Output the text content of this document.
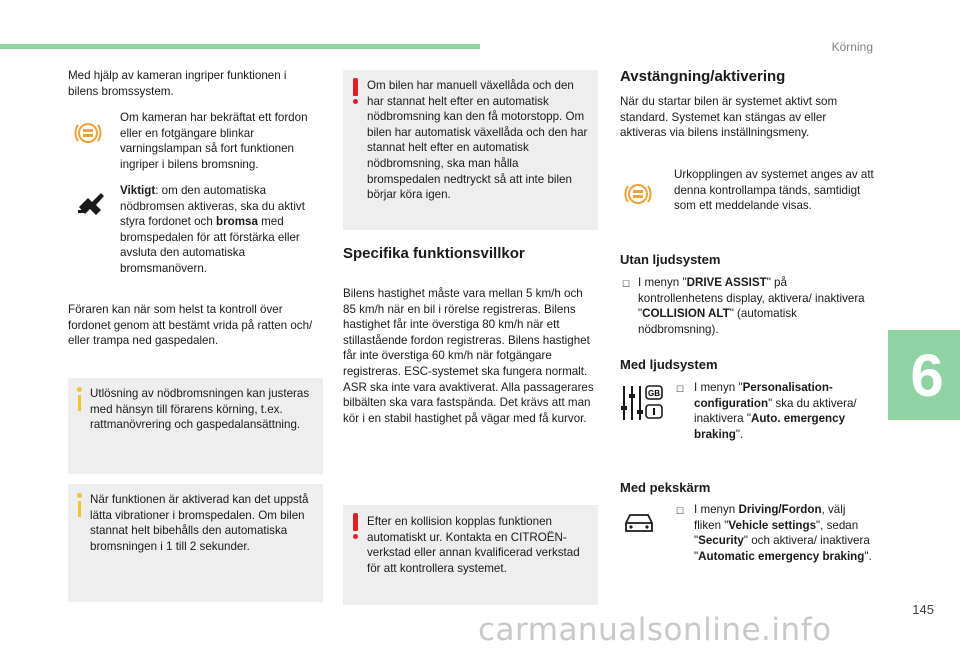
Körning
6
145
carmanualsonline.info

Med hjälp av kameran ingriper funktionen i bilens bromssystem.

Om kameran har bekräftat ett fordon eller en fotgängare blinkar varningslampan så fort funktionen ingriper i bilens bromsning.

Viktigt: om den automatiska nödbromsen aktiveras, ska du aktivt styra fordonet och bromsa med bromspedalen för att förstärka eller avsluta den automatiska bromsmanövern.

Föraren kan när som helst ta kontroll över fordonet genom att bestämt vrida på ratten och/ eller trampa ned gaspedalen.

Utlösning av nödbromsningen kan justeras med hänsyn till förarens körning, t.ex. rattmanövrering och gaspedalansättning.

När funktionen är aktiverad kan det uppstå lätta vibrationer i bromspedalen. Om bilen stannat helt bibehålls den automatiska bromsningen i 1 till 2 sekunder.

Om bilen har manuell växellåda och den har stannat helt efter en automatisk nödbromsning kan den få motorstopp. Om bilen har automatisk växellåda och den har stannat helt efter en automatisk nödbromsning, ska man hålla bromspedalen nedtryckt så att inte bilen börjar köra igen.

Specifika funktionsvillkor

Bilens hastighet måste vara mellan 5 km/h och 85 km/h när en bil i rörelse registreras. Bilens hastighet får inte överstiga 80 km/h när ett stillastående fordon registreras. Bilens hastighet får inte överstiga 60 km/h när fotgängare registreras. ESC-systemet ska fungera normalt. ASR ska inte vara avaktiverat. Alla passagerares bilbälten ska vara fastspända. Det krävs att man kör i en stabil hastighet på vägar med få kurvor.

Efter en kollision kopplas funktionen automatiskt ur. Kontakta en CITROËN-verkstad eller annan kvalificerad verkstad för att kontrollera systemet.

Avstängning/aktivering

När du startar bilen är systemet aktivt som standard. Systemet kan stängas av eller aktiveras via bilens inställningsmeny.

Urkopplingen av systemet anges av att denna kontrollampa tänds, samtidigt som ett meddelande visas.

Utan ljudsystem
☐ I menyn "DRIVE ASSIST" på kontrollenhetens display, aktivera/ inaktivera "COLLISION ALT" (automatisk nödbromsning).

Med ljudsystem
GB ☐ I menyn "Personalisation-configuration" ska du aktivera/ inaktivera "Auto. emergency braking".

Med pekskärm
☐ I menyn Driving/Fordon, välj fliken "Vehicle settings", sedan "Security" och aktivera/ inaktivera "Automatic emergency braking".
